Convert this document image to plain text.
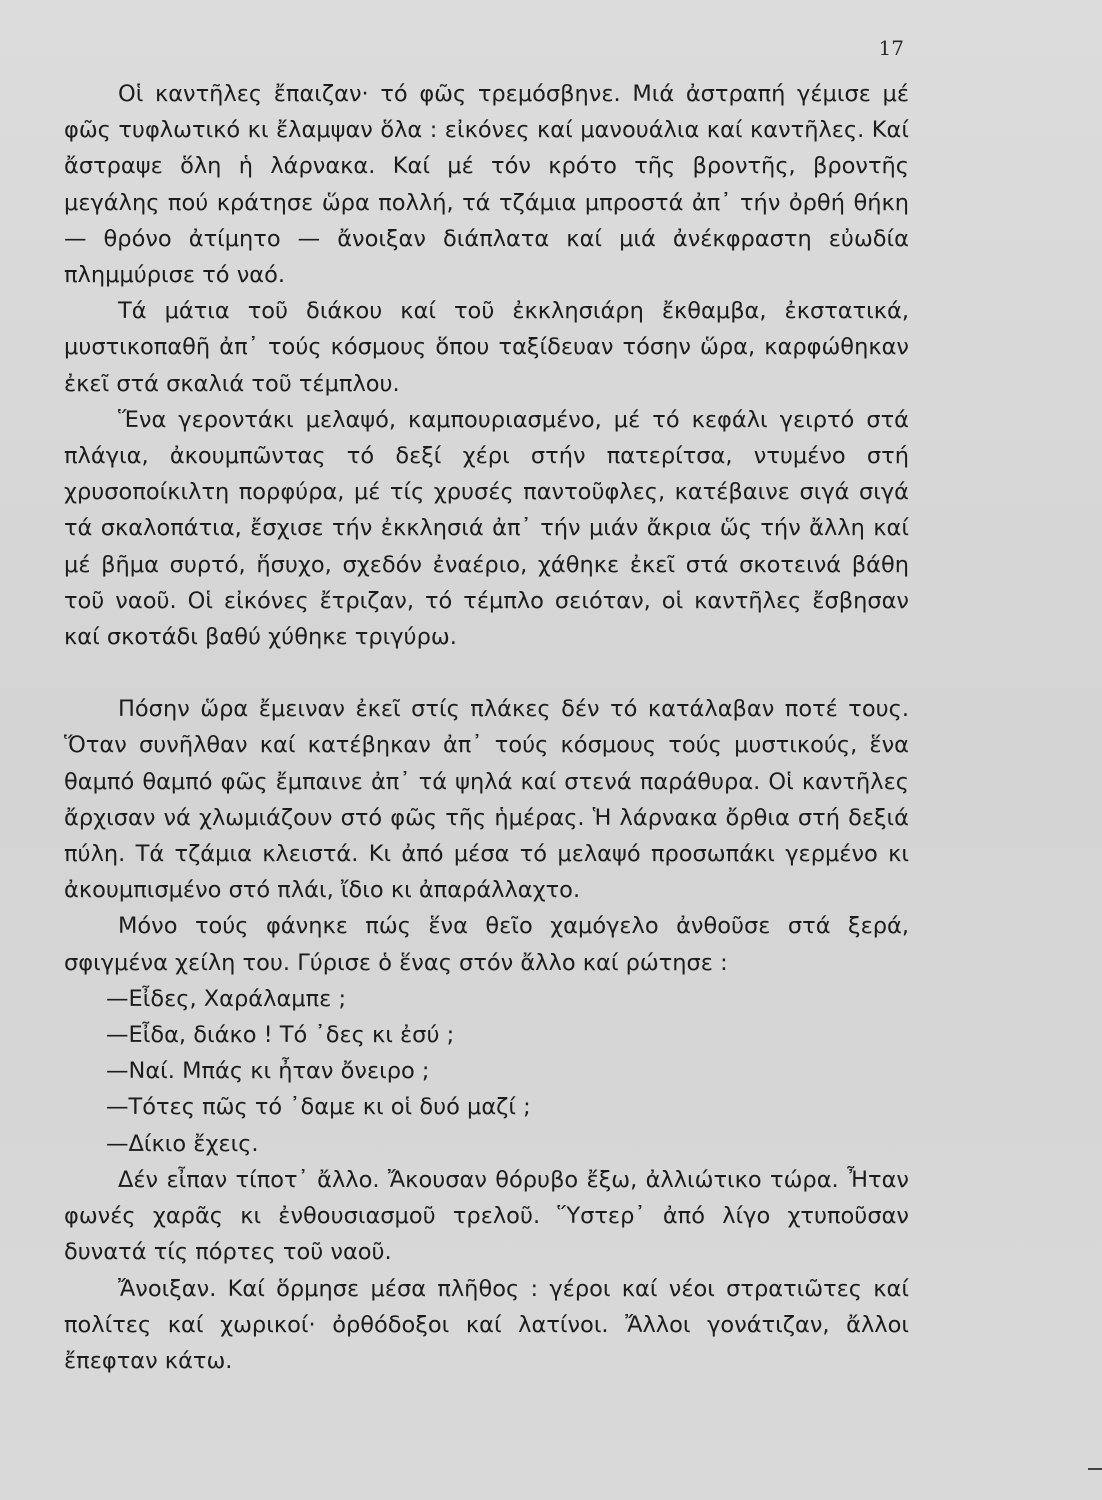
17

Οἱ καντῆλες ἔπαιζαν· τό φῶς τρεμόσβηνε. Μιά ἀστραπή γέμισε μέ φῶς τυφλωτικό κι ἔλαμψαν ὅλα : εἰκόνες καί μανουάλια καί καντῆλες. Καί ἄστραψε ὅλη ἡ λάρνακα. Καί μέ τόν κρότο τῆς βροντῆς, βροντῆς μεγάλης πού κράτησε ὥρα πολλή, τά τζάμια μπροστά ἀπ᾿ τήν ὀρθή θήκη — θρόνο ἀτίμητο — ἄνοιξαν διάπλατα καί μιά ἀνέκφραστη εὐωδία πλημμύρισε τό ναό.

Τά μάτια τοῦ διάκου καί τοῦ ἐκκλησιάρη ἔκθαμβα, ἐκστατικά, μυστικοπαθῆ ἀπ᾿ τούς κόσμους ὅπου ταξίδευαν τόσην ὥρα, καρφώθηκαν ἐκεῖ στά σκαλιά τοῦ τέμπλου.

Ἕνα γεροντάκι μελαψό, καμπουριασμένο, μέ τό κεφάλι γειρτό στά πλάγια, ἀκουμπῶντας τό δεξί χέρι στήν πατερίτσα, ντυμένο στή χρυσοποίκιλτη πορφύρα, μέ τίς χρυσές παντοῦφλες, κατέβαινε σιγά σιγά τά σκαλοπάτια, ἔσχισε τήν ἐκκλησιά ἀπ᾿ τήν μιάν ἄκρια ὥς τήν ἄλλη καί μέ βῆμα συρτό, ἥσυχο, σχεδόν ἐναέριο, χάθηκε ἐκεῖ στά σκοτεινά βάθη τοῦ ναοῦ. Οἱ εἰκόνες ἔτριζαν, τό τέμπλο σειόταν, οἱ καντῆλες ἔσβησαν καί σκοτάδι βαθύ χύθηκε τριγύρω.

Πόσην ὥρα ἔμειναν ἐκεῖ στίς πλάκες δέν τό κατάλαβαν ποτέ τους. Ὅταν συνῆλθαν καί κατέβηκαν ἀπ᾿ τούς κόσμους τούς μυστικούς, ἕνα θαμπό θαμπό φῶς ἔμπαινε ἀπ᾿ τά ψηλά καί στενά παράθυρα. Οἱ καντῆλες ἄρχισαν νά χλωμιάζουν στό φῶς τῆς ἡμέρας. Ἡ λάρνακα ὄρθια στή δεξιά πύλη. Τά τζάμια κλειστά. Κι ἀπό μέσα τό μελαψό προσωπάκι γερμένο κι ἀκουμπισμένο στό πλάι, ἴδιο κι ἀπαράλλαχτο.

Μόνο τούς φάνηκε πώς ἕνα θεῖο χαμόγελο ἀνθοῦσε στά ξερά, σφιγμένα χείλη του. Γύρισε ὁ ἕνας στόν ἄλλο καί ρώτησε :

—Εἶδες, Χαράλαμπε ;

—Εἶδα, διάκο ! Τό ᾿δες κι ἐσύ ;

—Ναί. Μπάς κι ἦταν ὄνειρο ;

—Τότες πῶς τό ᾿δαμε κι οἱ δυό μαζί ;

—Δίκιο ἔχεις.

Δέν εἶπαν τίποτ᾿ ἄλλο. Ἄκουσαν θόρυβο ἔξω, ἀλλιώτικο τώρα. Ἦταν φωνές χαρᾶς κι ἐνθουσιασμοῦ τρελοῦ. Ὕστερ᾿ ἀπό λίγο χτυποῦσαν δυνατά τίς πόρτες τοῦ ναοῦ.

Ἄνοιξαν. Καί ὅρμησε μέσα πλῆθος : γέροι καί νέοι στρατιῶτες καί πολίτες καί χωρικοί· ὀρθόδοξοι καί λατίνοι. Ἄλλοι γονάτιζαν, ἄλλοι ἔπεφταν κάτω.
